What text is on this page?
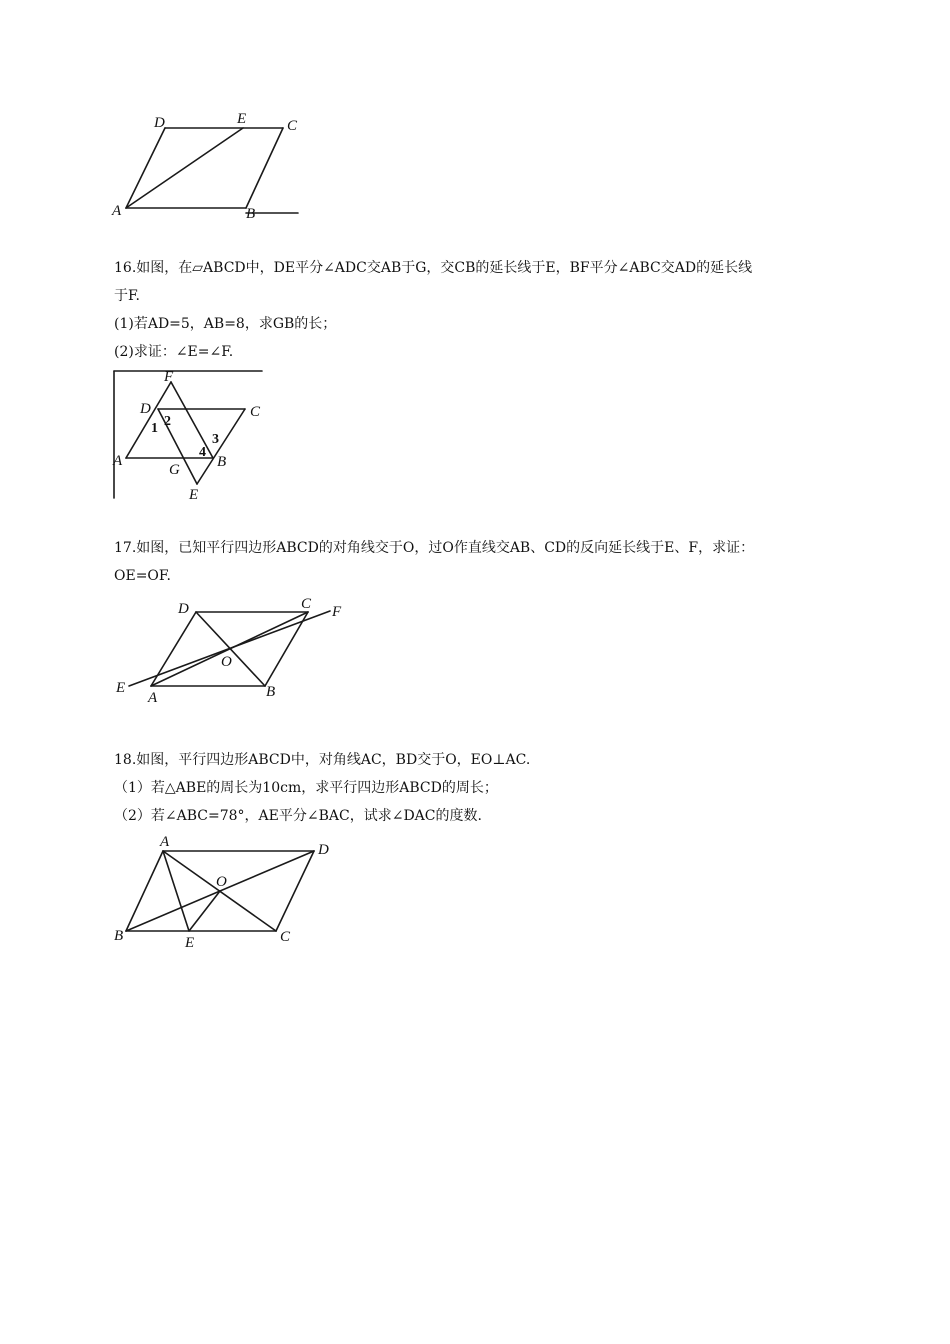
D	E	C
A	B

16.如图，在▱ABCD中，DE平分∠ADC交AB于G，交CB的延长线于E，BF平分∠ABC交AD的延长线

于F.

(1)若AD=5，AB=8，求GB的长；

(2)求证：∠E=∠F.

F
D
1 2
C
3
4
A
G B
E

17.如图，已知平行四边形ABCD的对角线交于O，过O作直线交AB、CD的反向延长线于E、F，求证：

OE=OF.

D	C F
O
E
A	B

18.如图，平行四边形ABCD中，对角线AC，BD交于O，EO⊥AC.

（1）若△ABE的周长为10cm，求平行四边形ABCD的周长；

（2）若∠ABC=78°，AE平分∠BAC，试求∠DAC的度数.

A	D
O
B	E	C
